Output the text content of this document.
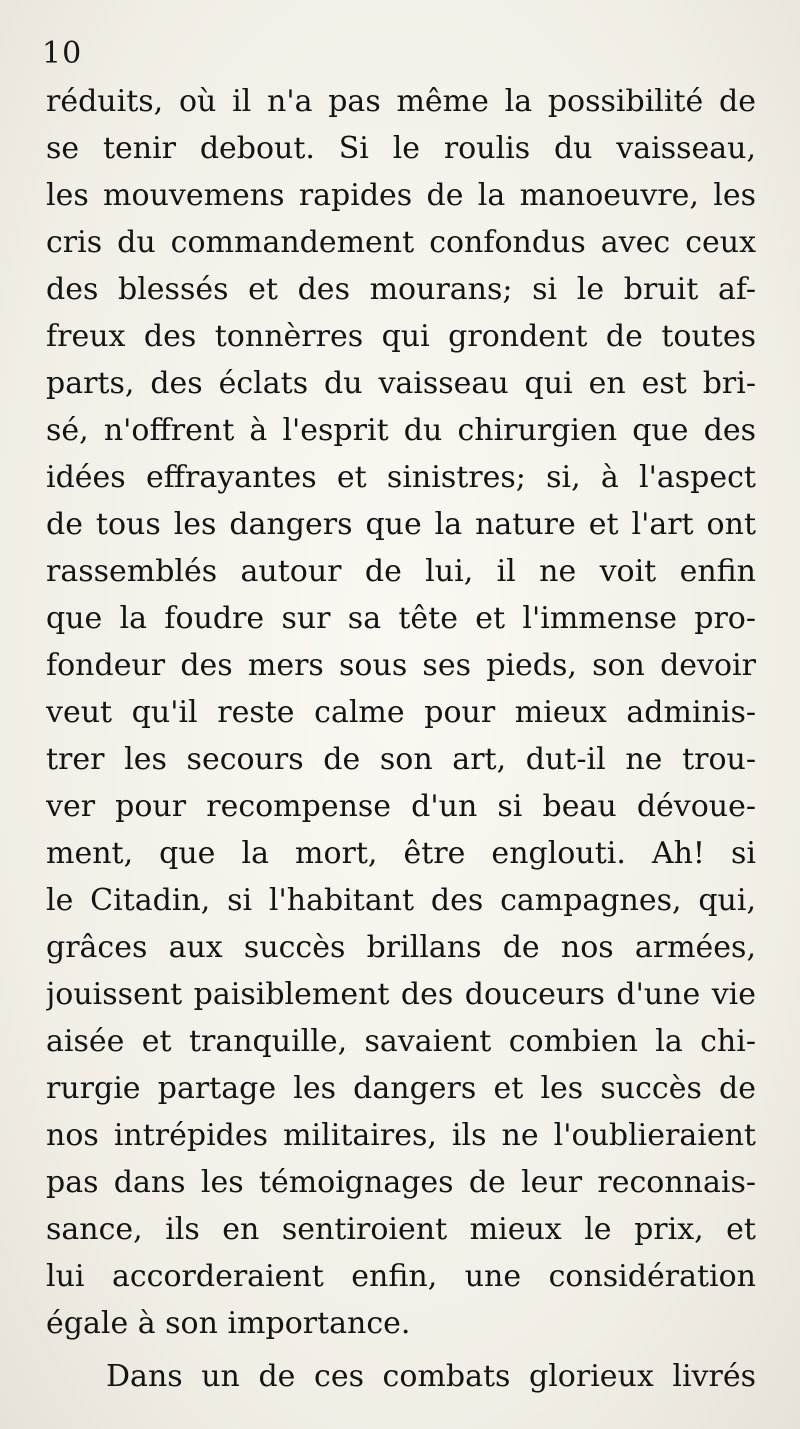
10
réduits, où il n'a pas même la possibilité de
se tenir debout. Si le roulis du vaisseau,
les mouvemens rapides de la manoeuvre, les
cris du commandement confondus avec ceux
des blessés et des mourans; si le bruit af-
freux des tonnèrres qui grondent de toutes
parts, des éclats du vaisseau qui en est bri-
sé, n'offrent à l'esprit du chirurgien que des
idées effrayantes et sinistres; si, à l'aspect
de tous les dangers que la nature et l'art ont
rassemblés autour de lui, il ne voit enfin
que la foudre sur sa tête et l'immense pro-
fondeur des mers sous ses pieds, son devoir
veut qu'il reste calme pour mieux adminis-
trer les secours de son art, dut-il ne trou-
ver pour recompense d'un si beau dévoue-
ment, que la mort, être englouti. Ah! si
le Citadin, si l'habitant des campagnes, qui,
grâces aux succès brillans de nos armées,
jouissent paisiblement des douceurs d'une vie
aisée et tranquille, savaient combien la chi-
rurgie partage les dangers et les succès de
nos intrépides militaires, ils ne l'oublieraient
pas dans les témoignages de leur reconnais-
sance, ils en sentiroient mieux le prix, et
lui accorderaient enfin, une considération
égale à son importance.
Dans un de ces combats glorieux livrés
